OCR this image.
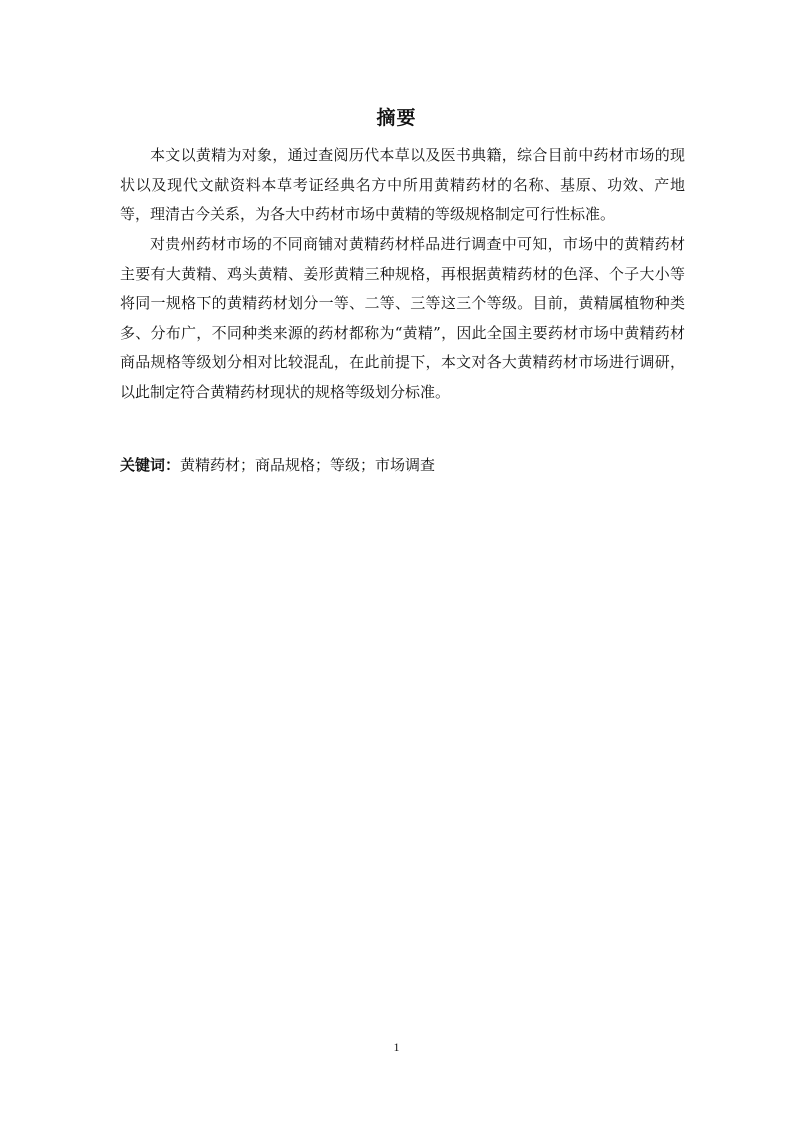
摘要

本文以黄精为对象，通过查阅历代本草以及医书典籍，综合目前中药材市场的现状以及现代文献资料本草考证经典名方中所用黄精药材的名称、基原、功效、产地等，理清古今关系，为各大中药材市场中黄精的等级规格制定可行性标准。

对贵州药材市场的不同商铺对黄精药材样品进行调查中可知，市场中的黄精药材主要有大黄精、鸡头黄精、姜形黄精三种规格，再根据黄精药材的色泽、个子大小等将同一规格下的黄精药材划分一等、二等、三等这三个等级。目前，黄精属植物种类多、分布广，不同种类来源的药材都称为“黄精”，因此全国主要药材市场中黄精药材商品规格等级划分相对比较混乱，在此前提下，本文对各大黄精药材市场进行调研，以此制定符合黄精药材现状的规格等级划分标准。

关键词：黄精药材；商品规格；等级；市场调查

1
